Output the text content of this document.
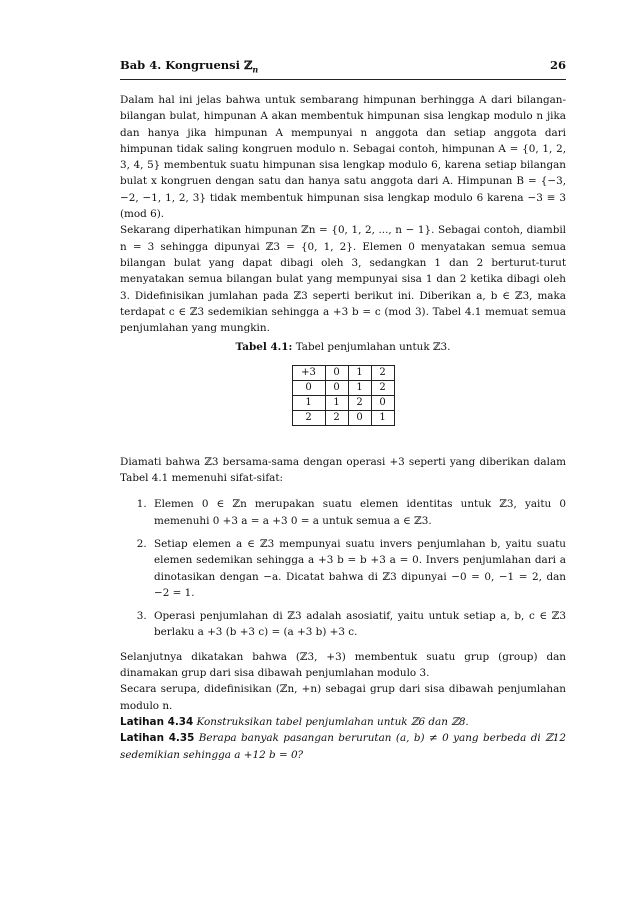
Bab 4. Kongruensi ℤ$_n$	26

Dalam hal ini jelas bahwa untuk sembarang himpunan berhingga A dari bilangan-bilangan bulat, himpunan A akan membentuk himpunan sisa lengkap modulo n jika dan hanya jika himpunan A mempunyai n anggota dan setiap anggota dari himpunan tidak saling kongruen modulo n. Sebagai contoh, himpunan A = {0, 1, 2, 3, 4, 5} membentuk suatu himpunan sisa lengkap modulo 6, karena setiap bilangan bulat x kongruen dengan satu dan hanya satu anggota dari A. Himpunan B = {−3, −2, −1, 1, 2, 3} tidak membentuk himpunan sisa lengkap modulo 6 karena −3 ≡ 3 (mod 6).

Sekarang diperhatikan himpunan ℤn = {0, 1, 2, ..., n − 1}. Sebagai contoh, diambil n = 3 sehingga dipunyai ℤ3 = {0, 1, 2}. Elemen 0 menyatakan semua semua bilangan bulat yang dapat dibagi oleh 3, sedangkan 1 dan 2 berturut-turut menyatakan semua bilangan bulat yang mempunyai sisa 1 dan 2 ketika dibagi oleh 3. Didefinisikan jumlahan pada ℤ3 seperti berikut ini. Diberikan a, b ∈ ℤ3, maka terdapat c ∈ ℤ3 sedemikian sehingga a +3 b = c (mod 3). Tabel 4.1 memuat semua penjumlahan yang mungkin.

Tabel 4.1: Tabel penjumlahan untuk ℤ3.
+3	0	1	2
0	0	1	2
1	1	2	0
2	2	0	1

Diamati bahwa ℤ3 bersama-sama dengan operasi +3 seperti yang diberikan dalam Tabel 4.1 memenuhi sifat-sifat:

1. Elemen 0 ∈ ℤn merupakan suatu elemen identitas untuk ℤ3, yaitu 0 memenuhi 0 +3 a = a +3 0 = a untuk semua a ∈ ℤ3.
2. Setiap elemen a ∈ ℤ3 mempunyai suatu invers penjumlahan b, yaitu suatu elemen sedemikan sehingga a +3 b = b +3 a = 0. Invers penjumlahan dari a dinotasikan dengan −a. Dicatat bahwa di ℤ3 dipunyai −0 = 0, −1 = 2, dan −2 = 1.
3. Operasi penjumlahan di ℤ3 adalah asosiatif, yaitu untuk setiap a, b, c ∈ ℤ3 berlaku a +3 (b +3 c) = (a +3 b) +3 c.

Selanjutnya dikatakan bahwa (ℤ3, +3) membentuk suatu grup (group) dan dinamakan grup dari sisa dibawah penjumlahan modulo 3.

Secara serupa, didefinisikan (ℤn, +n) sebagai grup dari sisa dibawah penjumlahan modulo n.

Latihan 4.34 Konstruksikan tabel penjumlahan untuk ℤ6 dan ℤ8.

Latihan 4.35 Berapa banyak pasangan berurutan (a, b) ≠ 0 yang berbeda di ℤ12 sedemikian sehingga a +12 b = 0?
